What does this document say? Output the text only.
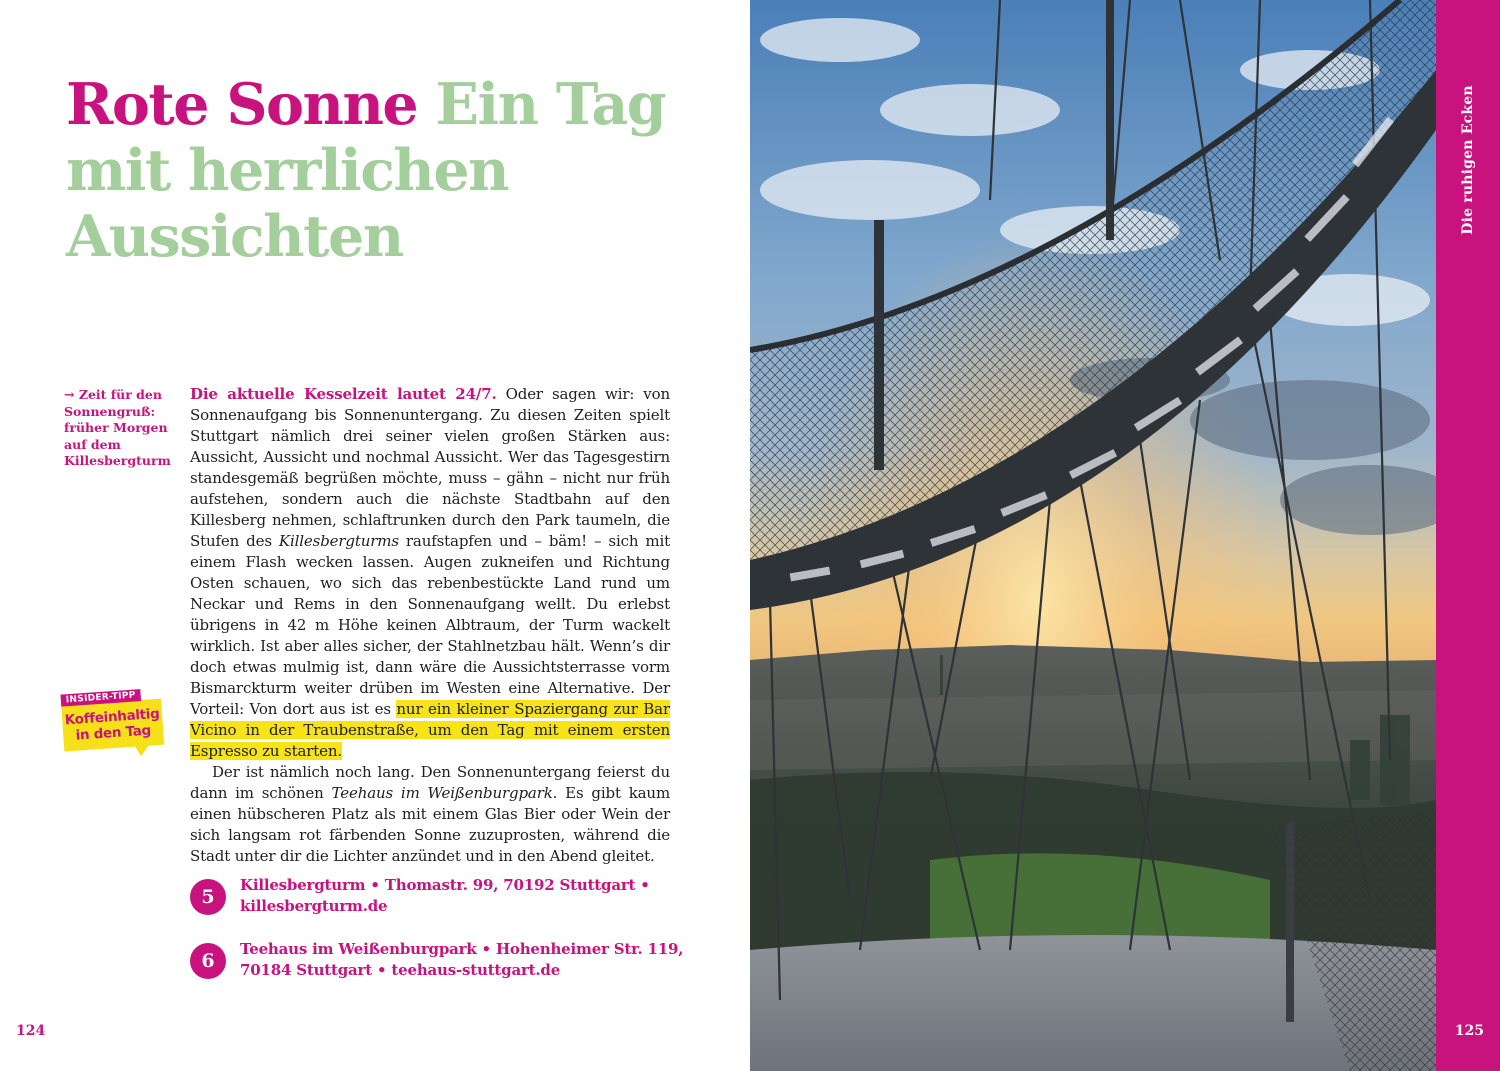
Rote Sonne Ein Tag mit herrlichen Aussichten
→ Zeit für den Sonnengruß: früher Morgen auf dem Killesbergturm
INSIDER-TIPP
Koffeinhaltig in den Tag

Die aktuelle Kesselzeit lautet 24/7. Oder sagen wir: von Sonnenaufgang bis Sonnenuntergang. Zu diesen Zeiten spielt Stuttgart nämlich drei seiner vielen großen Stärken aus: Aussicht, Aussicht und nochmal Aussicht. Wer das Tagesgestirn standesgemäß begrüßen möchte, muss – gähn – nicht nur früh aufstehen, sondern auch die nächste Stadtbahn auf den Killesberg nehmen, schlaftrunken durch den Park taumeln, die Stufen des Killesbergturms raufstapfen und – bäm! – sich mit einem Flash wecken lassen. Augen zukneifen und Richtung Osten schauen, wo sich das rebenbestückte Land rund um Neckar und Rems in den Sonnenaufgang wellt. Du erlebst übrigens in 42 m Höhe keinen Albtraum, der Turm wackelt wirklich. Ist aber alles sicher, der Stahlnetzbau hält. Wenn’s dir doch etwas mulmig ist, dann wäre die Aussichtsterrasse vorm Bismarckturm weiter drüben im Westen eine Alternative. Der Vorteil: Von dort aus ist es nur ein kleiner Spaziergang zur Bar Vicino in der Traubenstraße, um den Tag mit einem ersten Espresso zu starten.

Der ist nämlich noch lang. Den Sonnenuntergang feierst du dann im schönen Teehaus im Weißenburgpark. Es gibt kaum einen hübscheren Platz als mit einem Glas Bier oder Wein der sich langsam rot färbenden Sonne zuzuprosten, während die Stadt unter dir die Lichter anzündet und in den Abend gleitet.

5
Killesbergturm • Thomastr. 99, 70192 Stuttgart • killesbergturm.de
6
Teehaus im Weißenburgpark • Hohenheimer Str. 119, 70184 Stuttgart • teehaus-stuttgart.de
124
Die ruhigen Ecken
125
